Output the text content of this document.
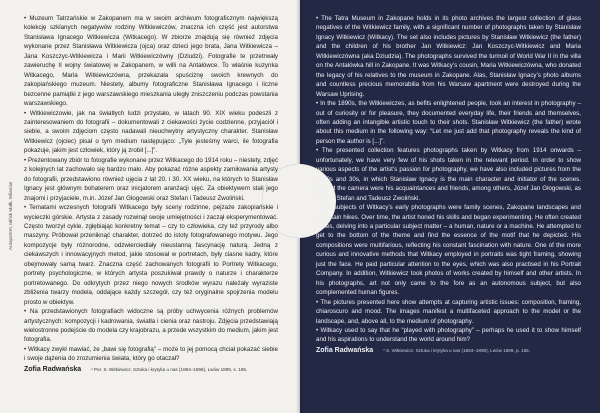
Autoportret, Mińsk Małk, Wilanów

• Muzeum Tatrzańskie w Zakopanem ma w swoim archiwum fotograficznym największą kolekcję szklanych negatywów rodziny Witkiewiczów, znaczna ich część jest autorstwa Stanisława Ignacego Witkiewicza (Witkacego). W zbiorze znajdują się również zdjęcia wykonane przez Stanisława Witkiewicza (ojca) oraz dzieci jego brata, Jana Witkiewicza – Jana Koszczyc-Witkiewicza i Marii Witkiewiczówny (Dziudzi). Fotografie te przetrwały zawieruchę II wojny światowej w Zakopanem, w willi na Antałówce. To właśnie kuzynka Witkacego, Maria Witkiewiczówna, przekazała spuściznę swoich krewnych do zakopiańskiego muzeum. Niestety, albumy fotograficzne Stanisława Ignacego i liczne bezcenne pamiątki z jego warszawskiego mieszkania uległy zniszczeniu podczas powstania warszawskiego.

• Witkiewiczowie, jak na światłych ludzi przystało, w latach 90. XIX wieku podeszli z zainteresowaniem do fotografii – dokumentowali z ciekawości życie codzienne, przyjaciół i siebie, a swoim zdjęciom często nadawali nieuchwytny artystyczny charakter. Stanisław Witkiewicz (ojciec) pisał o tym medium następująco: „Tyle jesteśmy warci, ile fotografia pokazuje, jakim jest człowiek, który ją zrobił [...]”.

• Prezentowany zbiór to fotografie wykonane przez Witkacego do 1914 roku – niestety, zdjęć z kolejnych lat zachowało się bardzo mało. Aby pokazać różne aspekty zamiłowania artysty do fotografii, przedstawiono również ujęcia z lat 20. i 30. XX wieku, na których to Stanisław Ignacy jest głównym bohaterem oraz inicjatorem aranżacji ujęć. Za obiektywem stali jego znajomi i przyjaciele, m.in. Józef Jan Głogowski oraz Stefan i Tadeusz Zwoliński.

• Tematami wczesnych fotografii Witkacego były sceny rodzinne, pejzaże zakopiańskie i wycieczki górskie. Artysta z zasady rozwinął swoje umiejętności i zaczął eksperymentować. Często tworzył cykle, zgłębiając konkretny temat – czy to człowieka, czy też przyrody albo maszyny. Próbował przeniknąć charakter, dotrzeć do istoty fotografowanego motywu. Jego kompozycje były różnorodne, odzwierciedlały nieustanną fascynację naturą. Jedną z ciekawszych i innowacyjnych metod, jakie stosował w portretach, były ciasne kadry, które obejmowały samą twarz. Znaczna część zachowanych fotografii to Portrety Witkacego, portrety psychologiczne, w których artysta poszukiwał prawdy o naturze i charakterze portretowanego. Do odkrytych przez niego nowych środków wyrazu należały wyraziste zbliżenia twarzy modela, oddające każdy szczegół, czy też oryginalne spojrzenia modelu prosto w obiektyw.

• Na przedstawionych fotografiach widoczne są próby uchwycenia różnych problemów artystycznych: kompozycji i kadrowania, światła i cienia oraz nastroju. Zdjęcia przedstawiają wielostronne podejście do modela czy krajobrazu, a przede wszystkim do medium, jakim jest fotografia.

• Witkacy zwykł mawiać, że „bawi się fotografią” – może to jej pomocą chciał pokazać siebie i swoje dążenia do zrozumienia świata, który go otaczał?

Zofia Radwańska ¹ Por. S. Witkiewicz, Sztuka i krytyka u nas (1884–1898), Lwów 1899, s. 165.

• The Tatra Museum in Zakopane holds in its photo archives the largest collection of glass negatives of the Witkiewicz family, with a significant number of photographs taken by Stanisław Ignacy Witkiewicz (Witkacy). The set also includes pictures by Stanisław Witkiewicz (the father) and the children of his brother Jan Witkiewicz: Jan Koszczyc-Witkiewicz and Maria Witkiewiczówna (aka Dziudzia). The photographs survived the turmoil of World War II in the villa on the Antałówka hill in Zakopane. It was Witkacy’s cousin, Maria Witkiewiczówna, who donated the legacy of his relatives to the museum in Zakopane. Alas, Stanisław Ignacy’s photo albums and countless precious memorabilia from his Warsaw apartment were destroyed during the Warsaw Uprising.

• In the 1890s, the Witkiewiczes, as befits enlightened people, took an interest in photography – out of curiosity or for pleasure, they documented everyday life, their friends and themselves, often adding an intangible artistic touch to their shots. Stanisław Witkiewicz (the father) wrote about this medium in the following way: “Let me just add that photography reveals the kind of person the author is [...]”.

• The presented collection features photographs taken by Witkacy from 1914 onwards – unfortunately, we have very few of his shots taken in the relevant period. In order to show various aspects of the artist’s passion for photography, we have also included pictures from the 1920s and 30s, in which Stanisław Ignacy is the main character and initiator of the scenes. Behind the camera were his acquaintances and friends, among others, Józef Jan Głogowski, as well as Stefan and Tadeusz Zwoliński.

• The subjects of Witkacy’s early photographs were family scenes, Zakopane landscapes and mountain hikes. Over time, the artist honed his skills and began experimenting. He often created series, delving into a particular subject matter – a human, nature or a machine. He attempted to get to the bottom of the theme and find the essence of the motif that he depicted. His compositions were multifarious, reflecting his constant fascination with nature. One of the more curious and innovative methods that Witkacy employed in portraits was tight framing, showing just the face. He paid particular attention to the eyes, which was also practised in his Portrait Company. In addition, Witkiewicz took photos of works created by himself and other artists. In his photographs, art not only came to the fore as an autonomous subject, but also complemented human figures.

• The pictures presented here show attempts at capturing artistic issues: composition, framing, chiaroscuro and mood. The images manifest a multifaceted approach to the model or the landscape, and, above all, to the medium of photography.

• Witkacy used to say that he “played with photography” – perhaps he used it to show himself and his aspirations to understand the world around him?

Zofia Radwańska ¹ S. Witkiewicz, Sztuka i krytyka u nas (1884–1898), Lwów 1899, p. 165.
